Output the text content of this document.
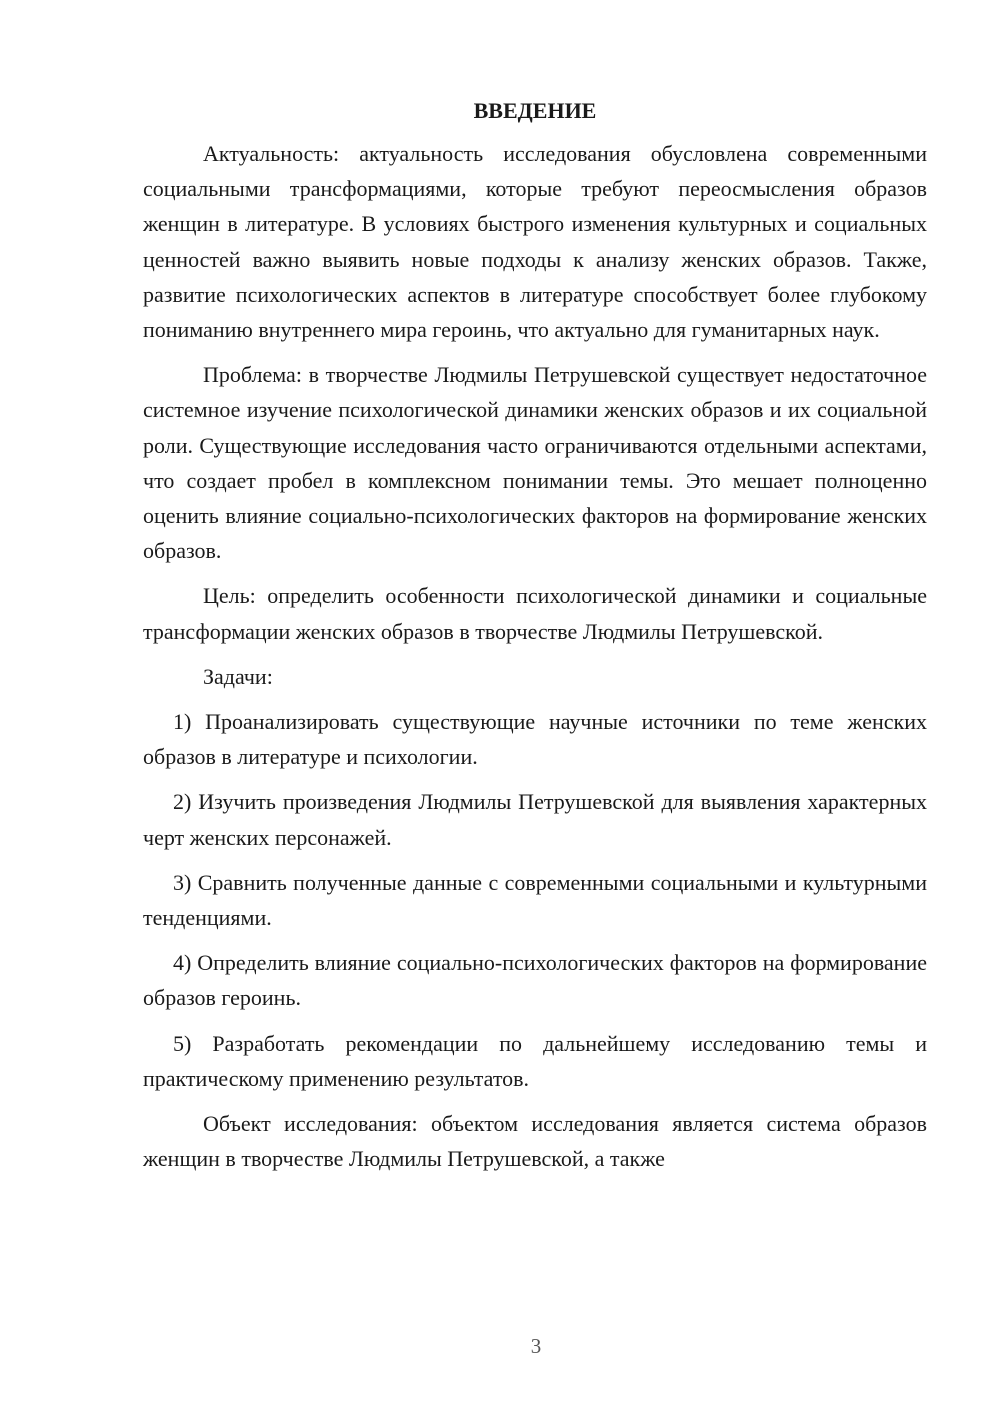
ВВЕДЕНИЕ

Актуальность: актуальность исследования обусловлена современными социальными трансформациями, которые требуют переосмысления образов женщин в литературе. В условиях быстрого изменения культурных и социальных ценностей важно выявить новые подходы к анализу женских образов. Также, развитие психологических аспектов в литературе способствует более глубокому пониманию внутреннего мира героинь, что актуально для гуманитарных наук.

Проблема: в творчестве Людмилы Петрушевской существует недостаточное системное изучение психологической динамики женских образов и их социальной роли. Существующие исследования часто ограничиваются отдельными аспектами, что создает пробел в комплексном понимании темы. Это мешает полноценно оценить влияние социально-психологических факторов на формирование женских образов.

Цель: определить особенности психологической динамики и социальные трансформации женских образов в творчестве Людмилы Петрушевской.

Задачи:

1) Проанализировать существующие научные источники по теме женских образов в литературе и психологии.

2) Изучить произведения Людмилы Петрушевской для выявления характерных черт женских персонажей.

3) Сравнить полученные данные с современными социальными и культурными тенденциями.

4) Определить влияние социально-психологических факторов на формирование образов героинь.

5) Разработать рекомендации по дальнейшему исследованию темы и практическому применению результатов.

Объект исследования: объектом исследования является система образов женщин в творчестве Людмилы Петрушевской, а также

3
